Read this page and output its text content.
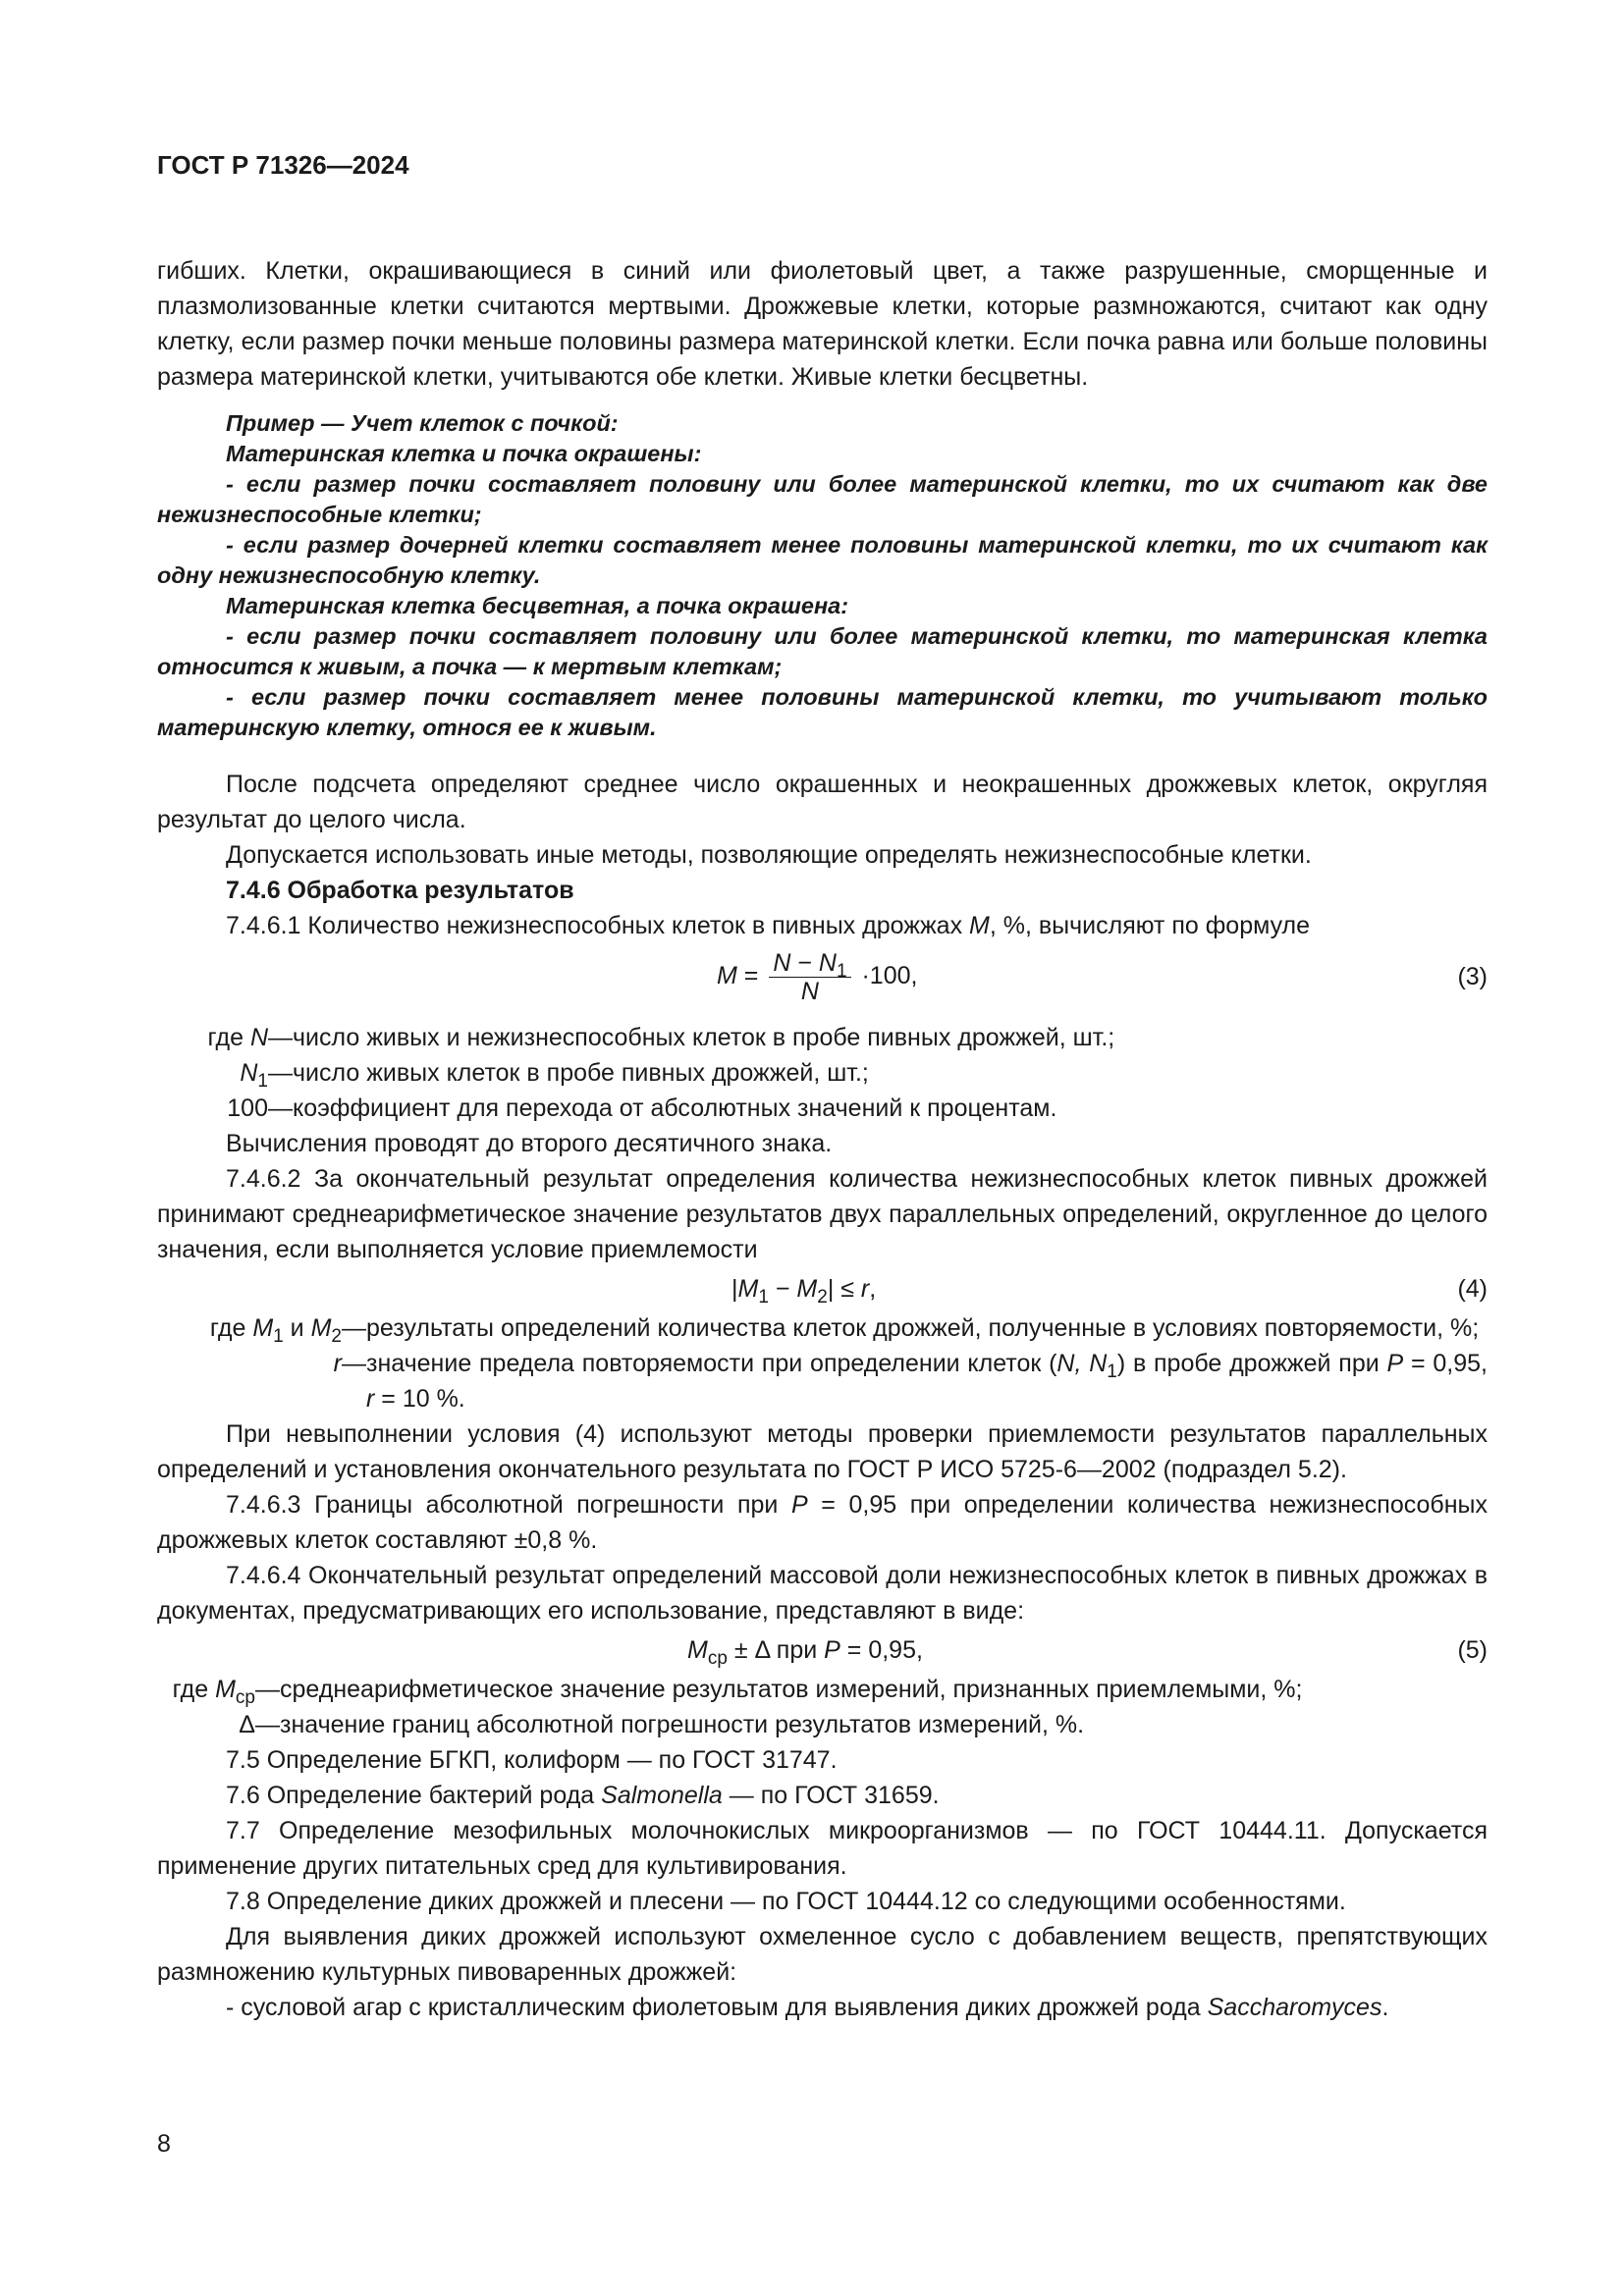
ГОСТ Р 71326—2024

гибших. Клетки, окрашивающиеся в синий или фиолетовый цвет, а также разрушенные, сморщенные и плазмолизованные клетки считаются мертвыми. Дрожжевые клетки, которые размножаются, считают как одну клетку, если размер почки меньше половины размера материнской клетки. Если почка равна или больше половины размера материнской клетки, учитываются обе клетки. Живые клетки бесцветны.

Пример — Учет клеток с почкой:

Материнская клетка и почка окрашены:

- если размер почки составляет половину или более материнской клетки, то их считают как две нежизнеспособные клетки;

- если размер дочерней клетки составляет менее половины материнской клетки, то их считают как одну нежизнеспособную клетку.

Материнская клетка бесцветная, а почка окрашена:

- если размер почки составляет половину или более материнской клетки, то материнская клетка относится к живым, а почка — к мертвым клеткам;

- если размер почки составляет менее половины материнской клетки, то учитывают только материнскую клетку, относя ее к живым.

После подсчета определяют среднее число окрашенных и неокрашенных дрожжевых клеток, округляя результат до целого числа.

Допускается использовать иные методы, позволяющие определять нежизнеспособные клетки.

7.4.6 Обработка результатов

7.4.6.1 Количество нежизнеспособных клеток в пивных дрожжах M, %, вычисляют по формуле

$M = \frac{N - N_1}{N} \cdot 100$,	(3)
где N — число живых и нежизнеспособных клеток в пробе пивных дрожжей, шт.;
$N_1$ — число живых клеток в пробе пивных дрожжей, шт.;
100 — коэффициент для перехода от абсолютных значений к процентам.

Вычисления проводят до второго десятичного знака.

7.4.6.2 За окончательный результат определения количества нежизнеспособных клеток пивных дрожжей принимают среднеарифметическое значение результатов двух параллельных определений, округленное до целого значения, если выполняется условие приемлемости

$|M_1 - M_2| \le r$,	(4)
где $M_1$ и $M_2$ — результаты определений количества клеток дрожжей, полученные в условиях повторяемости, %;
r — значение предела повторяемости при определении клеток (N, $N_1$) в пробе дрожжей при P = 0,95, r = 10 %.

При невыполнении условия (4) используют методы проверки приемлемости результатов параллельных определений и установления окончательного результата по ГОСТ Р ИСО 5725-6—2002 (подраздел 5.2).

7.4.6.3 Границы абсолютной погрешности при P = 0,95 при определении количества нежизнеспособных дрожжевых клеток составляют ±0,8 %.

7.4.6.4 Окончательный результат определений массовой доли нежизнеспособных клеток в пивных дрожжах в документах, предусматривающих его использование, представляют в виде:

$M_{ср} \pm \Delta$ при P = 0,95,	(5)
где $M_{ср}$ — среднеарифметическое значение результатов измерений, признанных приемлемыми, %;
Δ — значение границ абсолютной погрешности результатов измерений, %.

7.5 Определение БГКП, колиформ — по ГОСТ 31747.

7.6 Определение бактерий рода Salmonella — по ГОСТ 31659.

7.7 Определение мезофильных молочнокислых микроорганизмов — по ГОСТ 10444.11. Допускается применение других питательных сред для культивирования.

7.8 Определение диких дрожжей и плесени — по ГОСТ 10444.12 со следующими особенностями.

Для выявления диких дрожжей используют охмеленное сусло с добавлением веществ, препятствующих размножению культурных пивоваренных дрожжей:

- сусловой агар с кристаллическим фиолетовым для выявления диких дрожжей рода Saccharomyces.

8
